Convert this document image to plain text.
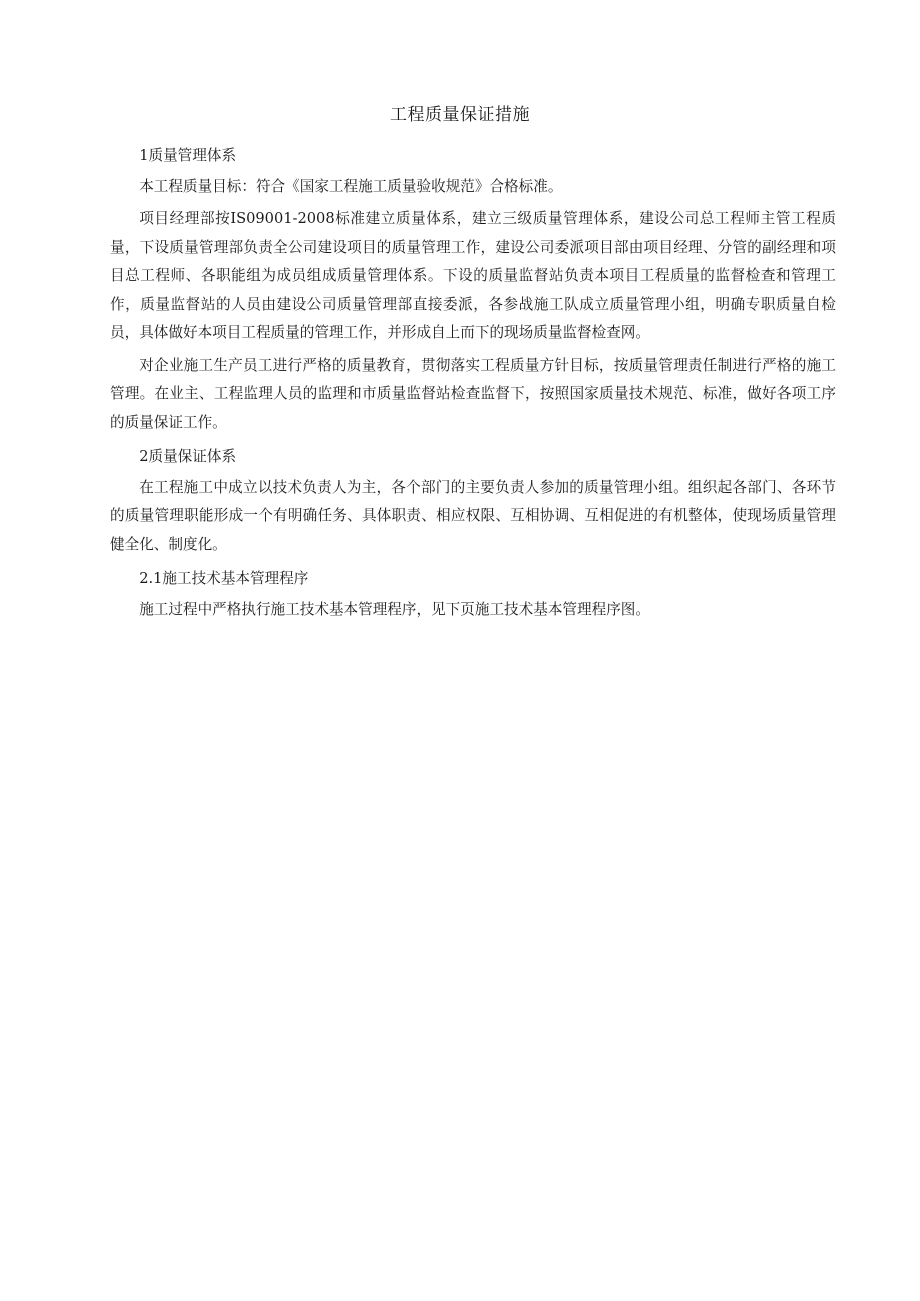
工程质量保证措施

1质量管理体系

本工程质量目标：符合《国家工程施工质量验收规范》合格标准。

项目经理部按IS09001-2008标准建立质量体系，建立三级质量管理体系，建设公司总工程师主管工程质量，下设质量管理部负责全公司建设项目的质量管理工作，建设公司委派项目部由项目经理、分管的副经理和项目总工程师、各职能组为成员组成质量管理体系。下设的质量监督站负责本项目工程质量的监督检查和管理工作，质量监督站的人员由建设公司质量管理部直接委派，各参战施工队成立质量管理小组，明确专职质量自检员，具体做好本项目工程质量的管理工作，并形成自上而下的现场质量监督检查网。

对企业施工生产员工进行严格的质量教育，贯彻落实工程质量方针目标，按质量管理责任制进行严格的施工管理。在业主、工程监理人员的监理和市质量监督站检查监督下，按照国家质量技术规范、标准，做好各项工序的质量保证工作。

2质量保证体系

在工程施工中成立以技术负责人为主，各个部门的主要负责人参加的质量管理小组。组织起各部门、各环节的质量管理职能形成一个有明确任务、具体职责、相应权限、互相协调、互相促进的有机整体，使现场质量管理健全化、制度化。

2.1施工技术基本管理程序

施工过程中严格执行施工技术基本管理程序，见下页施工技术基本管理程序图。
